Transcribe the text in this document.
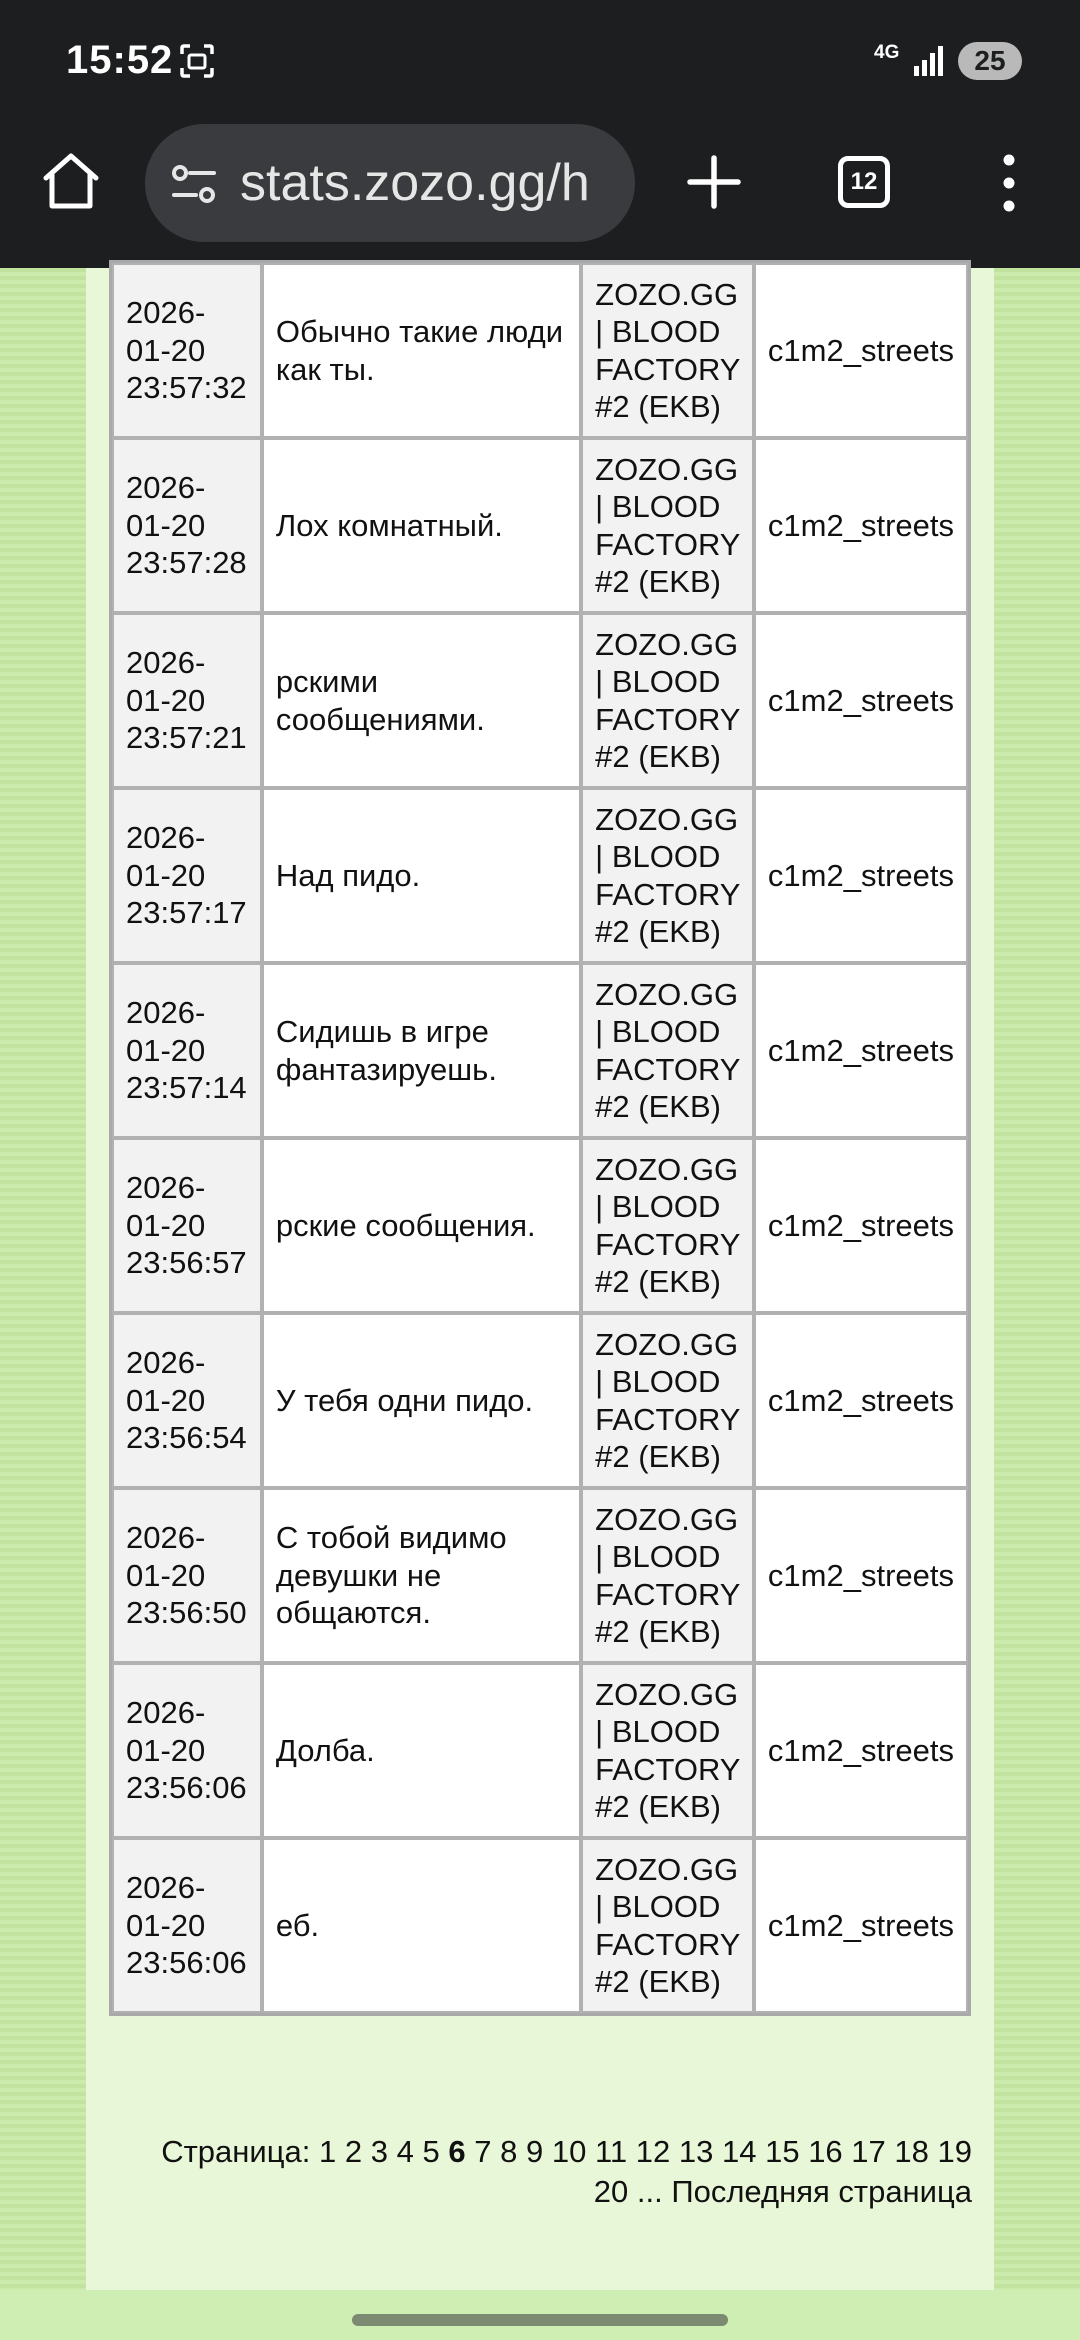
15:52	4G	25
stats.zozo.gg/h	12
2026-01-20 23:57:32	Обычно такие люди как ты.	ZOZO.GG | BLOOD FACTORY #2 (EKB)	c1m2_streets
2026-01-20 23:57:28	Лох комнатный.	ZOZO.GG | BLOOD FACTORY #2 (EKB)	c1m2_streets
2026-01-20 23:57:21	рскими сообщениями.	ZOZO.GG | BLOOD FACTORY #2 (EKB)	c1m2_streets
2026-01-20 23:57:17	Над пидо.	ZOZO.GG | BLOOD FACTORY #2 (EKB)	c1m2_streets
2026-01-20 23:57:14	Сидишь в игре фантазируешь.	ZOZO.GG | BLOOD FACTORY #2 (EKB)	c1m2_streets
2026-01-20 23:56:57	рские сообщения.	ZOZO.GG | BLOOD FACTORY #2 (EKB)	c1m2_streets
2026-01-20 23:56:54	У тебя одни пидо.	ZOZO.GG | BLOOD FACTORY #2 (EKB)	c1m2_streets
2026-01-20 23:56:50	С тобой видимо девушки не общаются.	ZOZO.GG | BLOOD FACTORY #2 (EKB)	c1m2_streets
2026-01-20 23:56:06	Долба.	ZOZO.GG | BLOOD FACTORY #2 (EKB)	c1m2_streets
2026-01-20 23:56:06	еб.	ZOZO.GG | BLOOD FACTORY #2 (EKB)	c1m2_streets
Страница: 1 2 3 4 5 6 7 8 9 10 11 12 13 14 15 16 17 18 19 20 ... Последняя страница
